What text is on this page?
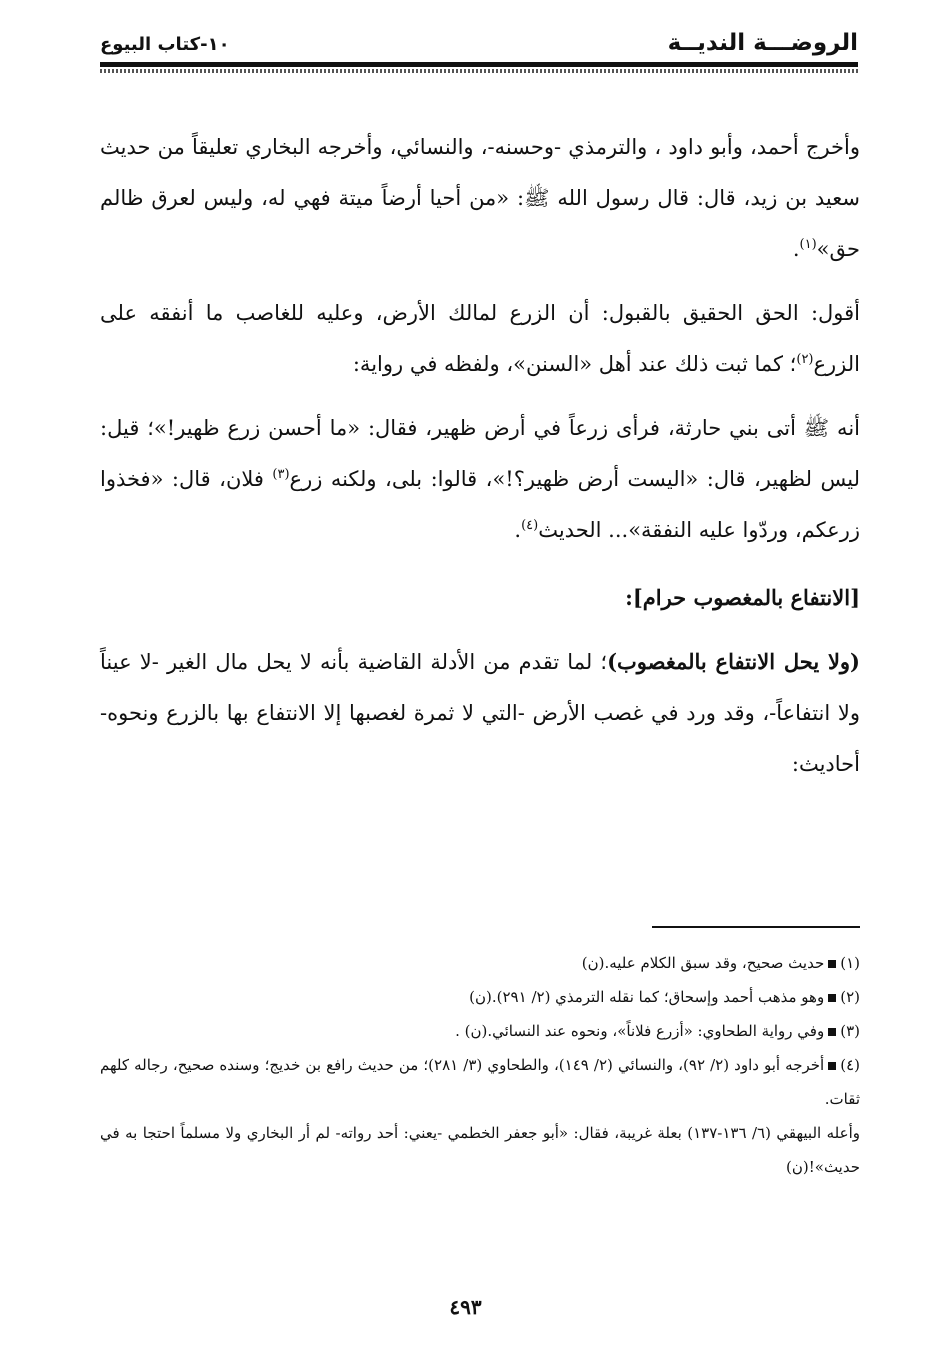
الروضـــة النديــة
١٠-كتاب البيوع

وأخرج أحمد، وأبو داود ، والترمذي -وحسنه-، والنسائي، وأخرجه البخاري تعليقاً من حديث سعيد بن زيد، قال: قال رسول الله ﷺ: «من أحيا أرضاً ميتة فهي له، وليس لعرق ظالم حق»$^{(١)}$.

أقول: الحق الحقيق بالقبول: أن الزرع لمالك الأرض، وعليه للغاصب ما أنفقه على الزرع$^{(٢)}$؛ كما ثبت ذلك عند أهل «السنن»، ولفظه في رواية:

أنه ﷺ أتى بني حارثة، فرأى زرعاً في أرض ظهير، فقال: «ما أحسن زرع ظهير!»؛ قيل: ليس لظهير، قال: «اليست أرض ظهير؟!»، قالوا: بلى، ولكنه زرع$^{(٣)}$ فلان، قال: «فخذوا زرعكم، وردّوا عليه النفقة»... الحديث$^{(٤)}$.

[الانتفاع بالمغصوب حرام]:

(ولا يحل الانتفاع بالمغصوب)؛ لما تقدم من الأدلة القاضية بأنه لا يحل مال الغير -لا عيناً ولا انتفاعاً-، وقد ورد في غصب الأرض -التي لا ثمرة لغصبها إلا الانتفاع بها بالزرع ونحوه- أحاديث:

(١)حديث صحيح، وقد سبق الكلام عليه.(ن)

(٢)وهو مذهب أحمد وإسحاق؛ كما نقله الترمذي (٢/ ٢٩١).(ن)

(٣)وفي رواية الطحاوي: «أزرع فلاناً»، ونحوه عند النسائي.(ن) .

(٤)أخرجه أبو داود (٢/ ٩٢)، والنسائي (٢/ ١٤٩)، والطحاوي (٣/ ٢٨١)؛ من حديث رافع بن خديج؛ وسنده صحيح، رجاله كلهم ثقات.

وأعله البيهقي (٦/ ١٣٦-١٣٧) بعلة غريبة، فقال: «أبو جعفر الخطمي -يعني: أحد رواته- لم أر البخاري ولا مسلماً احتجا به في حديث»!(ن)

٤٩٣
